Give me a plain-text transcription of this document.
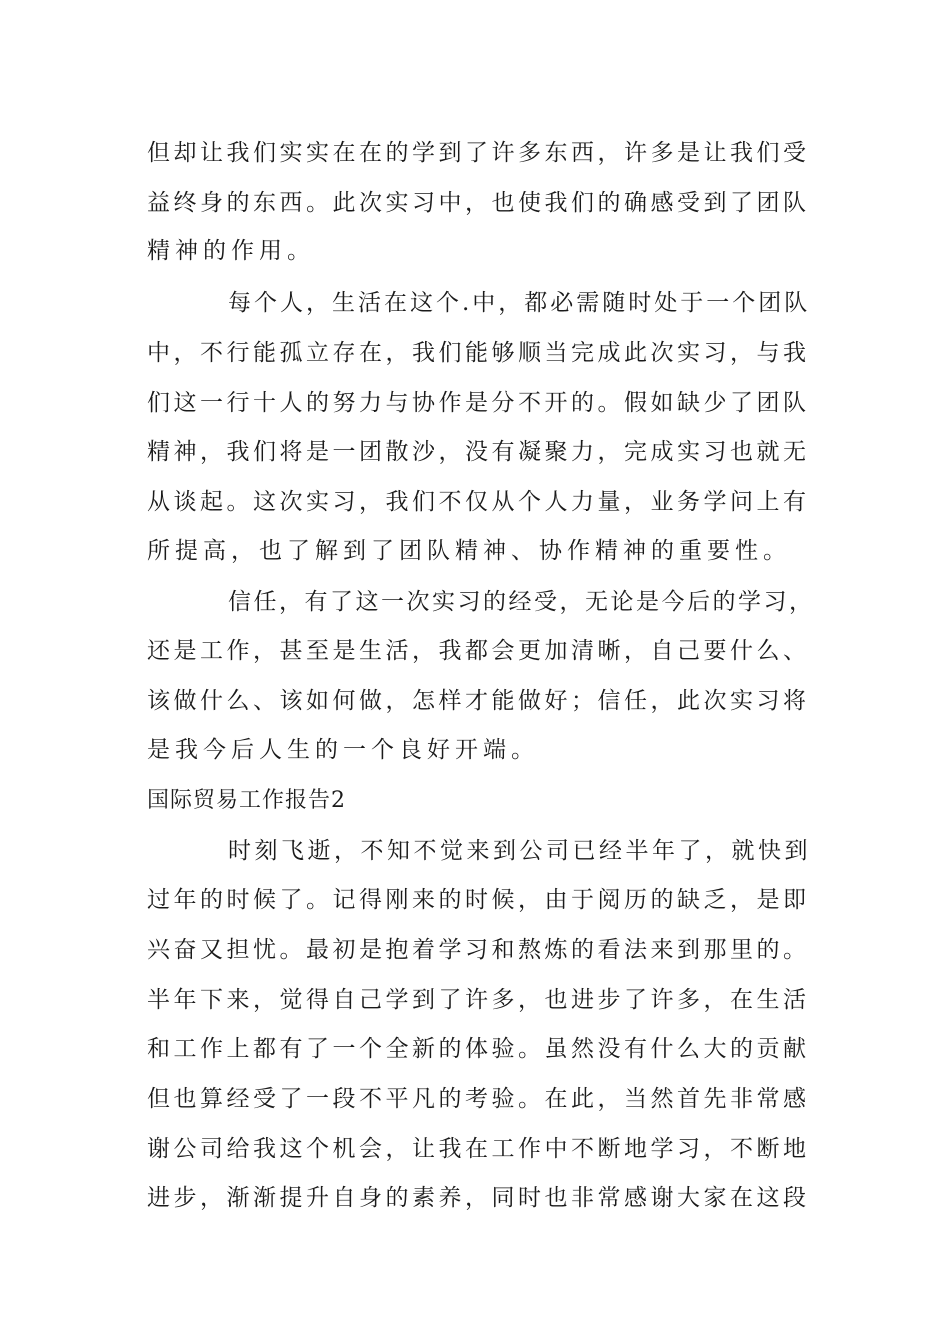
但却让我们实实在在的学到了许多东西，许多是让我们受
益终身的东西。此次实习中，也使我们的确感受到了团队
精神的作用。
每个人，生活在这个.中，都必需随时处于一个团队
中，不行能孤立存在，我们能够顺当完成此次实习，与我
们这一行十人的努力与协作是分不开的。假如缺少了团队
精神，我们将是一团散沙，没有凝聚力，完成实习也就无
从谈起。这次实习，我们不仅从个人力量，业务学问上有
所提高，也了解到了团队精神、协作精神的重要性。
信任，有了这一次实习的经受，无论是今后的学习，
还是工作，甚至是生活，我都会更加清晰，自己要什么、
该做什么、该如何做，怎样才能做好；信任，此次实习将
是我今后人生的一个良好开端。
国际贸易工作报告2
时刻飞逝，不知不觉来到公司已经半年了，就快到
过年的时候了。记得刚来的时候，由于阅历的缺乏，是即
兴奋又担忧。最初是抱着学习和熬炼的看法来到那里的。
半年下来，觉得自己学到了许多，也进步了许多，在生活
和工作上都有了一个全新的体验。虽然没有什么大的贡献
但也算经受了一段不平凡的考验。在此，当然首先非常感
谢公司给我这个机会，让我在工作中不断地学习，不断地
进步，渐渐提升自身的素养，同时也非常感谢大家在这段
